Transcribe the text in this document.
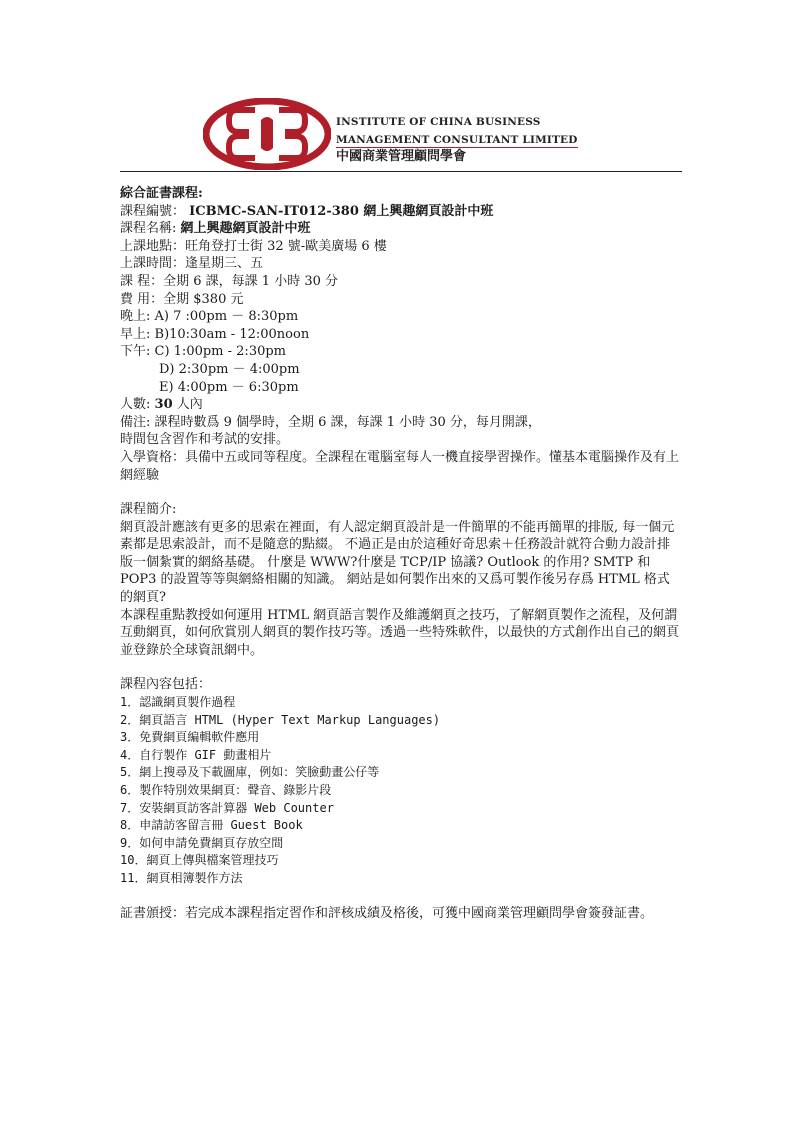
INSTITUTE OF CHINA BUSINESS
MANAGEMENT CONSULTANT LIMITED
中國商業管理顧問學會
綜合証書課程:
課程編號： ICBMC-SAN-IT012-380 網上興趣網頁設計中班
課程名稱: 網上興趣網頁設計中班
上課地點：旺角登打士街 32 號-歐美廣場 6 樓
上課時間：逢星期三、五
課 程：全期 6 課，每課 1 小時 30 分
費 用：全期 $380 元
晚上: A) 7 :00pm － 8:30pm
早上: B)10:30am - 12:00noon
下午: C) 1:00pm - 2:30pm
D) 2:30pm － 4:00pm
E) 4:00pm － 6:30pm
人數: 30 人內
備注: 課程時數爲 9 個學時，全期 6 課，每課 1 小時 30 分，每月開課，
時間包含習作和考試的安排。
入學資格：具備中五或同等程度。全課程在電腦室每人一機直接學習操作。懂基本電腦操作及有上網經驗
課程簡介:
網頁設計應該有更多的思索在裡面，有人認定網頁設計是一件簡單的不能再簡單的排版, 每一個元素都是思索設計，而不是隨意的點綴。 不過正是由於這種好奇思索＋任務設計就符合動力設計排版一個紮實的網絡基礎。 什麼是 WWW?什麼是 TCP/IP 協議? Outlook 的作用? SMTP 和 POP3 的設置等等與網絡相關的知識。 網站是如何製作出來的又爲可製作後另存爲 HTML 格式的網頁?
本課程重點教授如何運用 HTML 網頁語言製作及維護網頁之技巧，了解網頁製作之流程，及何謂互動網頁，如何欣賞別人網頁的製作技巧等。透過一些特殊軟件，以最快的方式創作出自己的網頁並登錄於全球資訊網中。
課程內容包括：
1．認識網頁製作過程
2．網頁語言 HTML (Hyper Text Markup Languages)
3．免費網頁編輯軟件應用
4．自行製作 GIF 動畫相片
5．網上搜尋及下載圖庫，例如：笑臉動畫公仔等
6．製作特別效果網頁：聲音、錄影片段
7．安裝網頁訪客計算器 Web Counter
8．申請訪客留言冊 Guest Book
9．如何申請免費網頁存放空間
10．網頁上傳與檔案管理技巧
11．網頁相簿製作方法
証書頒授：若完成本課程指定習作和評核成績及格後，可獲中國商業管理顧問學會簽發証書。
